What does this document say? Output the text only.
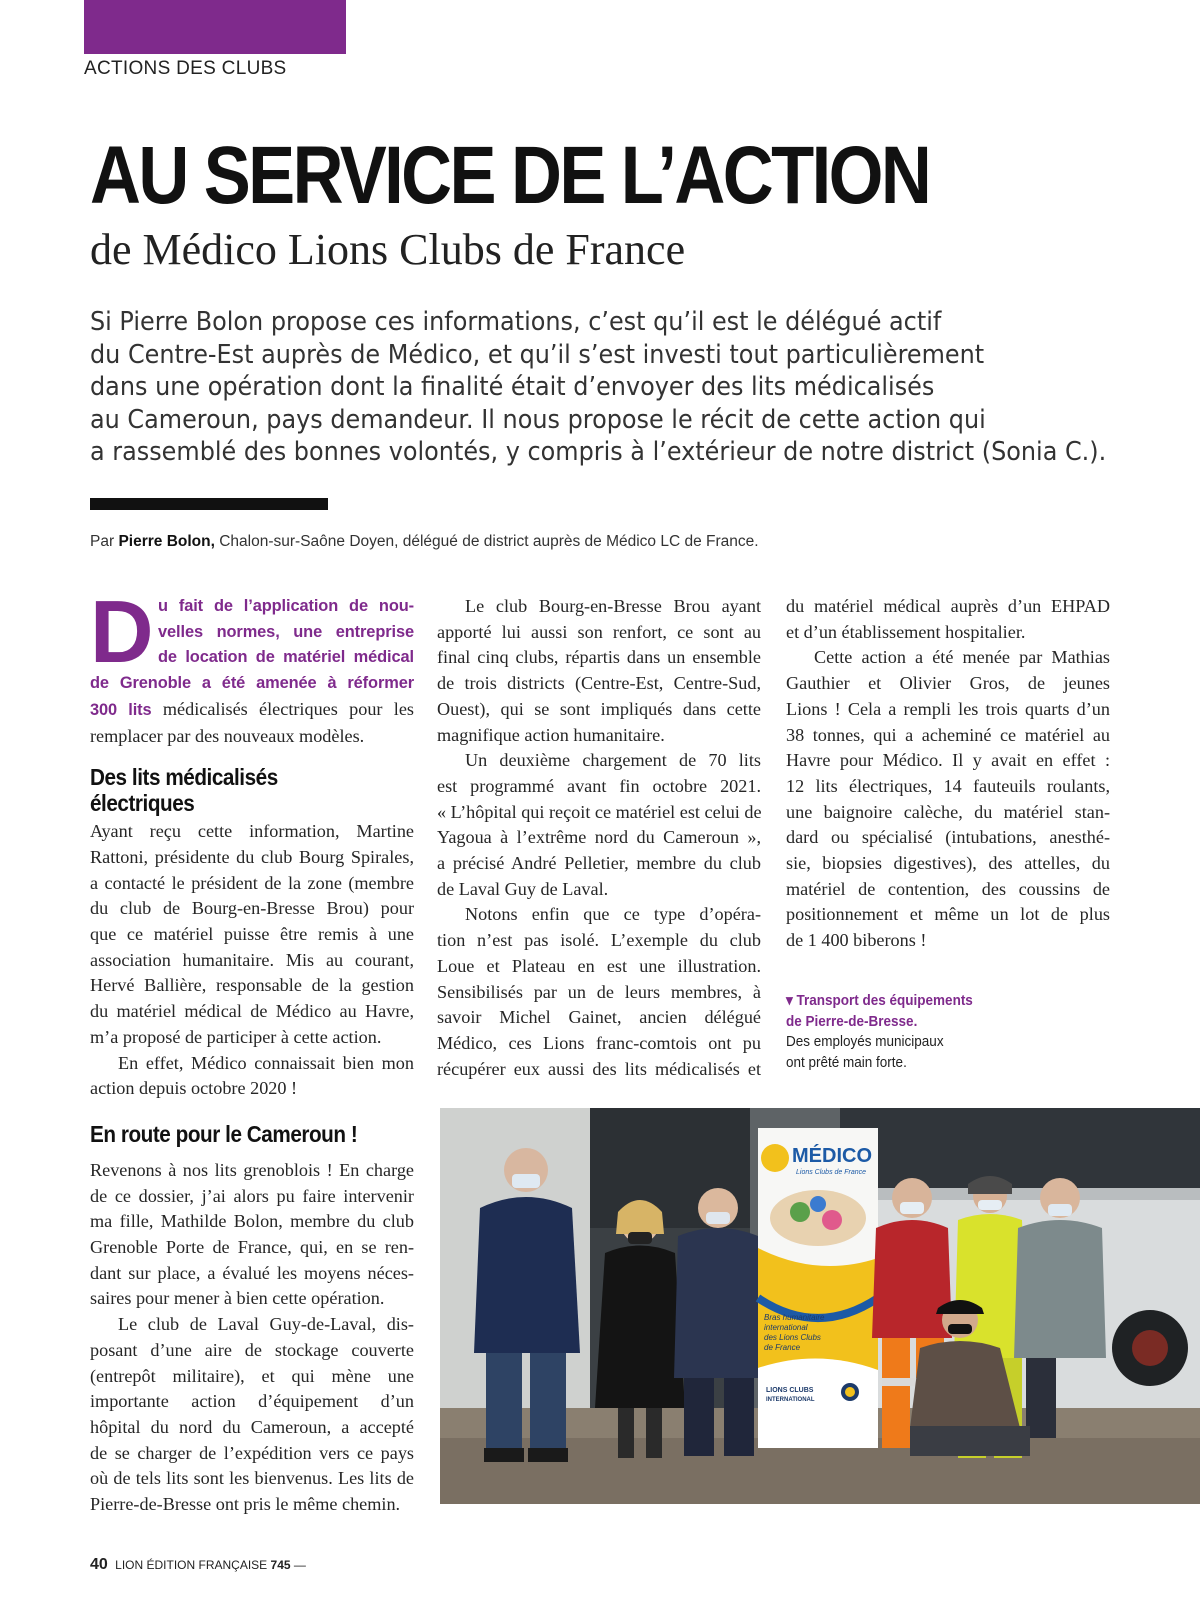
ACTIONS DES CLUBS
AU SERVICE DE L’ACTION
de Médico Lions Clubs de France
Si Pierre Bolon propose ces informations, c’est qu’il est le délégué actif
du Centre-Est auprès de Médico, et qu’il s’est investi tout particulièrement
dans une opération dont la finalité était d’envoyer des lits médicalisés
au Cameroun, pays demandeur. Il nous propose le récit de cette action qui
a rassemblé des bonnes volontés, y compris à l’extérieur de notre district (Sonia C.).
Par Pierre Bolon, Chalon-sur-Saône Doyen, délégué de district auprès de Médico LC de France.
D u fait de l’application de nou-
velles normes, une entreprise
de location de matériel médical
de Grenoble a été amenée à réformer
300 lits médicalisés électriques pour les
remplacer par des nouveaux modèles.
Ayant reçu cette information, Martine
Rattoni, présidente du club Bourg Spirales,
a contacté le président de la zone (membre
du club de Bourg-en-Bresse Brou) pour
que ce matériel puisse être remis à une
association humanitaire. Mis au courant,
Hervé Ballière, responsable de la gestion
du matériel médical de Médico au Havre,
m’a proposé de participer à cette action.
En effet, Médico connaissait bien mon
action depuis octobre 2020 !
Revenons à nos lits grenoblois ! En charge
de ce dossier, j’ai alors pu faire intervenir
ma fille, Mathilde Bolon, membre du club
Grenoble Porte de France, qui, en se ren-
dant sur place, a évalué les moyens néces-
saires pour mener à bien cette opération.
Le club de Laval Guy-de-Laval, dis-
posant d’une aire de stockage couverte
(entrepôt militaire), et qui mène une
importante action d’équipement d’un
hôpital du nord du Cameroun, a accepté
de se charger de l’expédition vers ce pays
où de tels lits sont les bienvenus. Les lits de
Pierre-de-Bresse ont pris le même chemin.
Des lits médicalisés
électriques
En route pour le Cameroun !
Le club Bourg-en-Bresse Brou ayant
apporté lui aussi son renfort, ce sont au
final cinq clubs, répartis dans un ensemble
de trois districts (Centre-Est, Centre-Sud,
Ouest), qui se sont impliqués dans cette
magnifique action humanitaire.
Un deuxième chargement de 70 lits
est programmé avant fin octobre 2021.
« L’hôpital qui reçoit ce matériel est celui de
Yagoua à l’extrême nord du Cameroun »,
a précisé André Pelletier, membre du club
de Laval Guy de Laval.
Notons enfin que ce type d’opéra-
tion n’est pas isolé. L’exemple du club
Loue et Plateau en est une illustration.
Sensibilisés par un de leurs membres, à
savoir Michel Gainet, ancien délégué
Médico, ces Lions franc-comtois ont pu
récupérer eux aussi des lits médicalisés et
du matériel médical auprès d’un EHPAD
et d’un établissement hospitalier.
Cette action a été menée par Mathias
Gauthier et Olivier Gros, de jeunes
Lions ! Cela a rempli les trois quarts d’un
38 tonnes, qui a acheminé ce matériel au
Havre pour Médico. Il y avait en effet :
12 lits électriques, 14 fauteuils roulants,
une baignoire calèche, du matériel stan-
dard ou spécialisé (intubations, anesthé-
sie, biopsies digestives), des attelles, du
matériel de contention, des coussins de
positionnement et même un lot de plus
de 1 400 biberons !
▾ Transport des équipements
de Pierre-de-Bresse.
Des employés municipaux
ont prêté main forte.
MÉDICO
Lions Clubs de France
Bras humanitaire
international
des Lions Clubs
de France
LIONS CLUBS
INTERNATIONAL
40 LION ÉDITION FRANÇAISE 745 —
